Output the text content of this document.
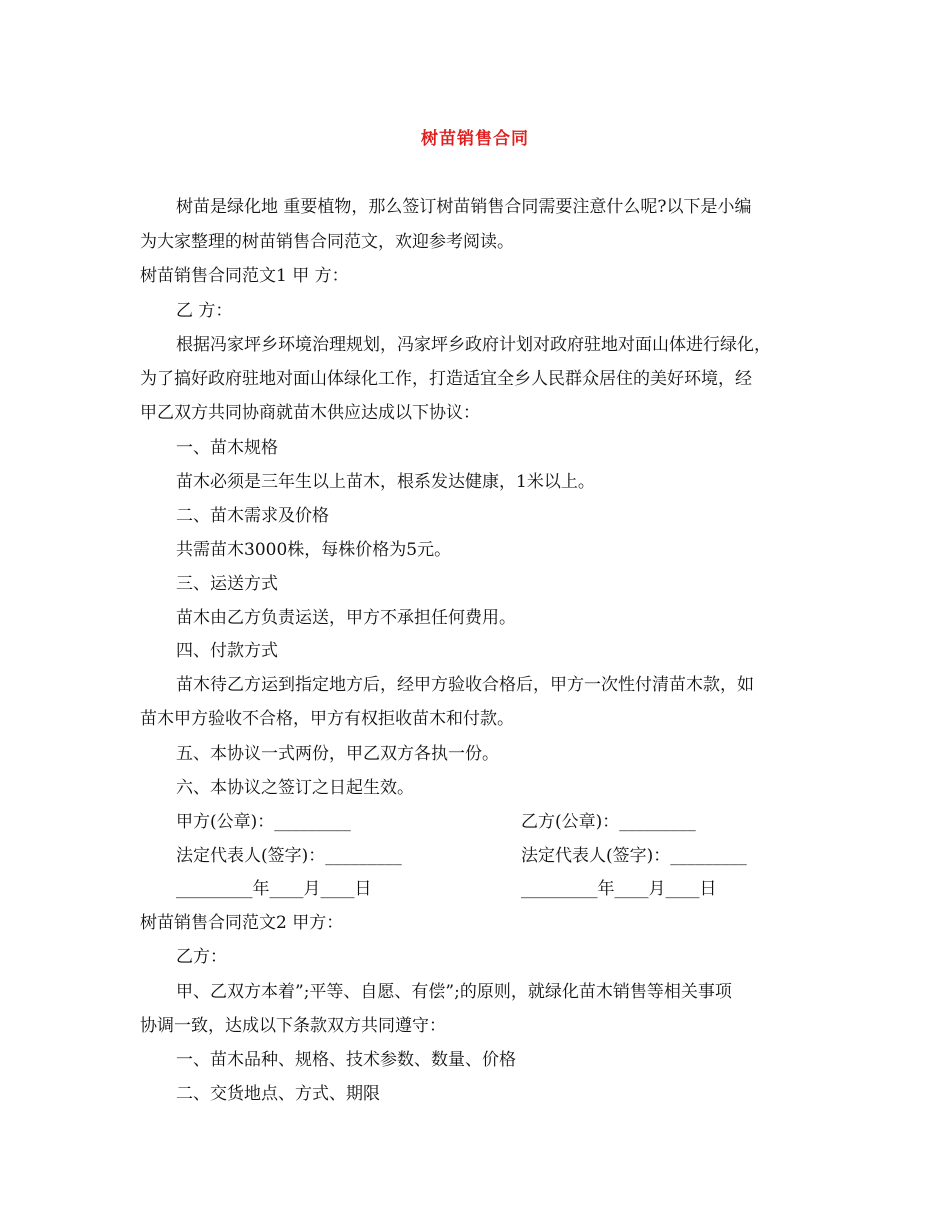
树苗销售合同
树苗是绿化地 重要植物，那么签订树苗销售合同需要注意什么呢?以下是小编
为大家整理的树苗销售合同范文，欢迎参考阅读。
树苗销售合同范文1 甲 方：
乙 方：
根据冯家坪乡环境治理规划，冯家坪乡政府计划对政府驻地对面山体进行绿化，
为了搞好政府驻地对面山体绿化工作，打造适宜全乡人民群众居住的美好环境，经
甲乙双方共同协商就苗木供应达成以下协议：
一、苗木规格
苗木必须是三年生以上苗木，根系发达健康，1米以上。
二、苗木需求及价格
共需苗木3000株，每株价格为5元。
三、运送方式
苗木由乙方负责运送，甲方不承担任何费用。
四、付款方式
苗木待乙方运到指定地方后，经甲方验收合格后，甲方一次性付清苗木款，如
苗木甲方验收不合格，甲方有权拒收苗木和付款。
五、本协议一式两份，甲乙双方各执一份。
六、本协议之签订之日起生效。
甲方(公章)：_________	乙方(公章)：_________
法定代表人(签字)：_________	法定代表人(签字)：_________
_________年____月____日	_________年____月____日
树苗销售合同范文2 甲方：
乙方：
甲、乙双方本着”;平等、自愿、有偿”;的原则，就绿化苗木销售等相关事项
协调一致，达成以下条款双方共同遵守：
一、苗木品种、规格、技术参数、数量、价格
二、交货地点、方式、期限
